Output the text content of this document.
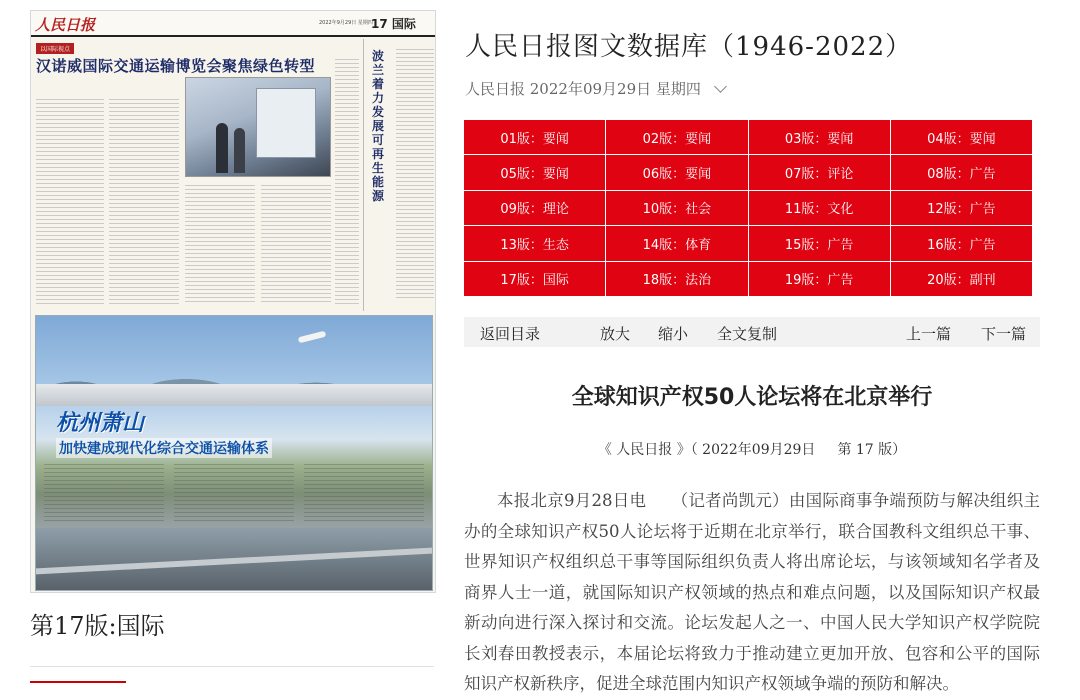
人民日报	2022年9月29日 星期四
17 国际
以国际视点
汉诺威国际交通运输博览会聚焦绿色转型
波兰着力发展可再生能源
杭州萧山
加快建成现代化综合交通运输体系
第17版:国际
人民日报图文数据库（1946-2022）
人民日报 2022年09月29日 星期四
01版：要闻	02版：要闻	03版：要闻	04版：要闻
05版：要闻	06版：要闻	07版：评论	08版：广告
09版：理论	10版：社会	11版：文化	12版：广告
13版：生态	14版：体育	15版：广告	16版：广告
17版：国际	18版：法治	19版：广告	20版：副刊
返回目录	放大 缩小 全文复制	上一篇 下一篇
全球知识产权50人论坛将在北京举行
《 人民日报 》（ 2022年09月29日 第 17 版）
本报北京9月28日电　　（记者尚凯元）由国际商事争端预防与解决组织主办的全球知识产权50人论坛将于近期在北京举行，联合国教科文组织总干事、世界知识产权组织总干事等国际组织负责人将出席论坛，与该领域知名学者及商界人士一道，就国际知识产权领域的热点和难点问题，以及国际知识产权最新动向进行深入探讨和交流。论坛发起人之一、中国人民大学知识产权学院院长刘春田教授表示，本届论坛将致力于推动建立更加开放、包容和公平的国际知识产权新秩序，促进全球范围内知识产权领域争端的预防和解决。
